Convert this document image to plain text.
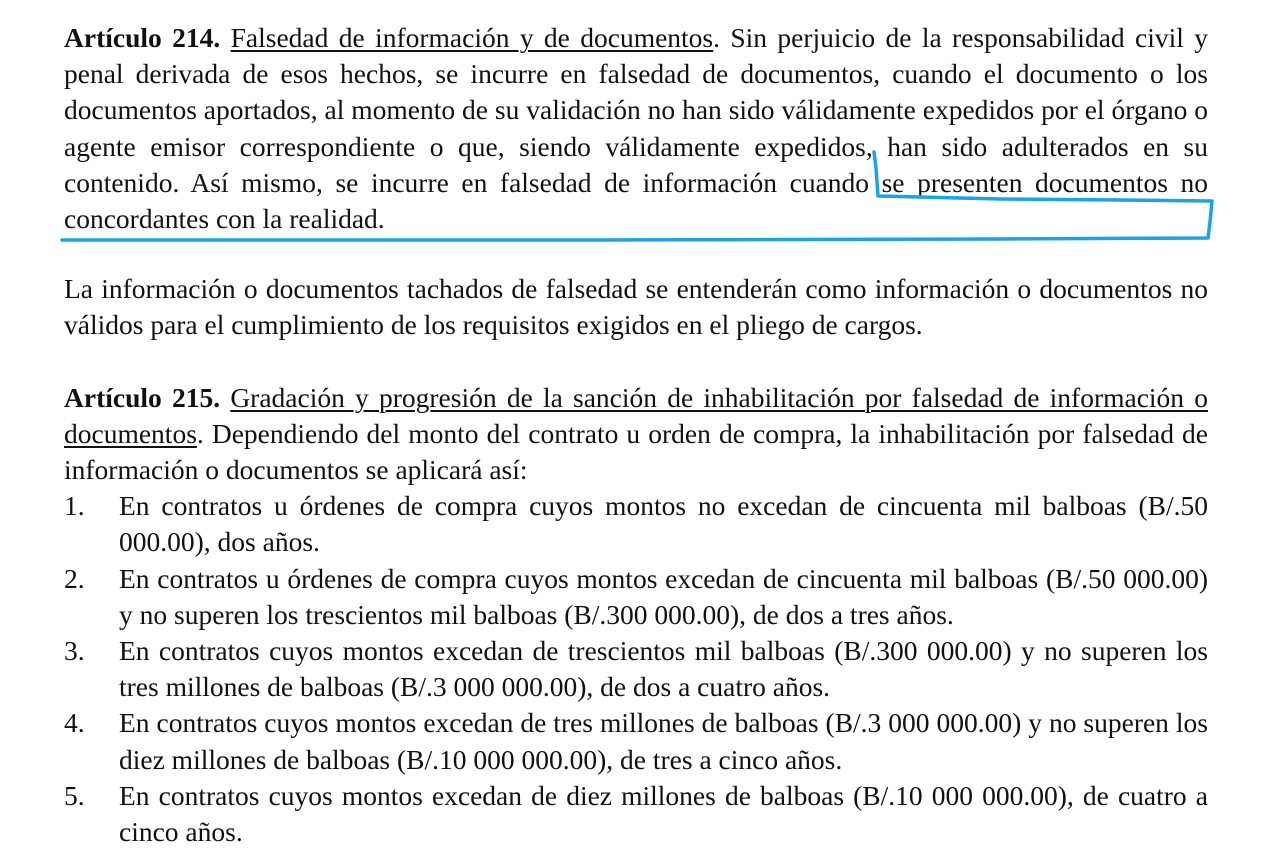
Artículo 214. Falsedad de información y de documentos. Sin perjuicio de la responsabilidad civil y penal derivada de esos hechos, se incurre en falsedad de documentos, cuando el documento o los documentos aportados, al momento de su validación no han sido válidamente expedidos por el órgano o agente emisor correspondiente o que, siendo válidamente expedidos, han sido adulterados en su contenido. Así mismo, se incurre en falsedad de información cuando se presenten documentos no concordantes con la realidad.

La información o documentos tachados de falsedad se entenderán como información o documentos no válidos para el cumplimiento de los requisitos exigidos en el pliego de cargos.

Artículo 215. Gradación y progresión de la sanción de inhabilitación por falsedad de información o documentos. Dependiendo del monto del contrato u orden de compra, la inhabilitación por falsedad de información o documentos se aplicará así:

1.	En contratos u órdenes de compra cuyos montos no excedan de cincuenta mil balboas (B/.50 000.00), dos años.
2.	En contratos u órdenes de compra cuyos montos excedan de cincuenta mil balboas (B/.50 000.00) y no superen los trescientos mil balboas (B/.300 000.00), de dos a tres años.
3.	En contratos cuyos montos excedan de trescientos mil balboas (B/.300 000.00) y no superen los tres millones de balboas (B/.3 000 000.00), de dos a cuatro años.
4.	En contratos cuyos montos excedan de tres millones de balboas (B/.3 000 000.00) y no superen los diez millones de balboas (B/.10 000 000.00), de tres a cinco años.
5.	En contratos cuyos montos excedan de diez millones de balboas (B/.10 000 000.00), de cuatro a cinco años.
